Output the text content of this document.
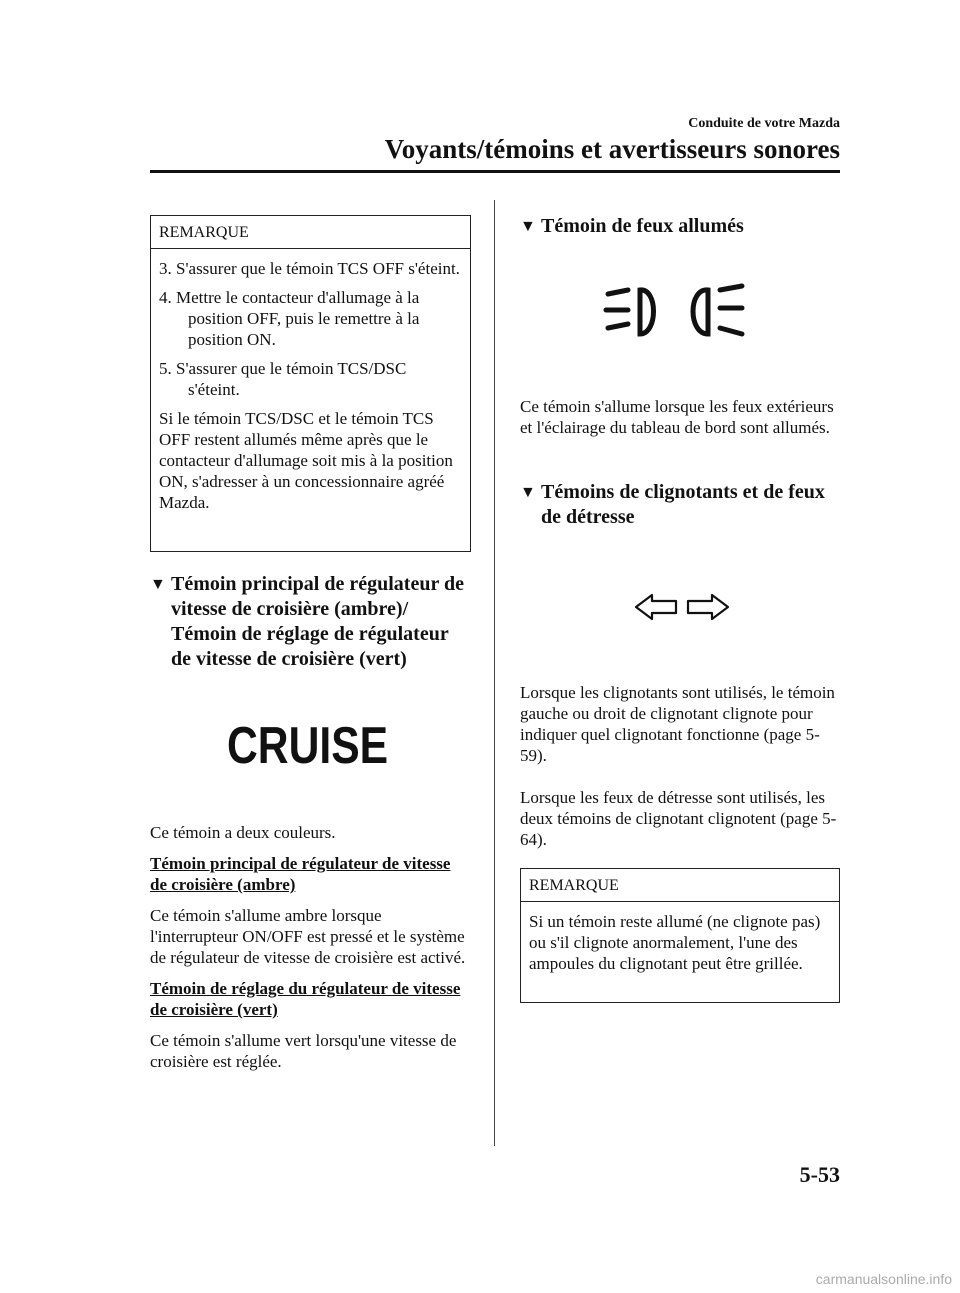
Conduite de votre Mazda
Voyants/témoins et avertisseurs sonores
REMARQUE
3. S'assurer que le témoin TCS OFF s'éteint.
4. Mettre le contacteur d'allumage à la position OFF, puis le remettre à la position ON.
5. S'assurer que le témoin TCS/DSC s'éteint.

Si le témoin TCS/DSC et le témoin TCS OFF restent allumés même après que le contacteur d'allumage soit mis à la position ON, s'adresser à un concessionnaire agréé Mazda.

▼ Témoin principal de régulateur de vitesse de croisière (ambre)/ Témoin de réglage de régulateur de vitesse de croisière (vert)
CRUISE

Ce témoin a deux couleurs.

Témoin principal de régulateur de vitesse de croisière (ambre)

Ce témoin s'allume ambre lorsque l'interrupteur ON/OFF est pressé et le système de régulateur de vitesse de croisière est activé.

Témoin de réglage du régulateur de vitesse de croisière (vert)

Ce témoin s'allume vert lorsqu'une vitesse de croisière est réglée.

▼ Témoin de feux allumés
Ce témoin s'allume lorsque les feux extérieurs et l'éclairage du tableau de bord sont allumés.
▼ Témoins de clignotants et de feux de détresse

Lorsque les clignotants sont utilisés, le témoin gauche ou droit de clignotant clignote pour indiquer quel clignotant fonctionne (page 5-59).

Lorsque les feux de détresse sont utilisés, les deux témoins de clignotant clignotent (page 5-64).

REMARQUE
Si un témoin reste allumé (ne clignote pas) ou s'il clignote anormalement, l'une des ampoules du clignotant peut être grillée.
5-53
carmanualsonline.info
